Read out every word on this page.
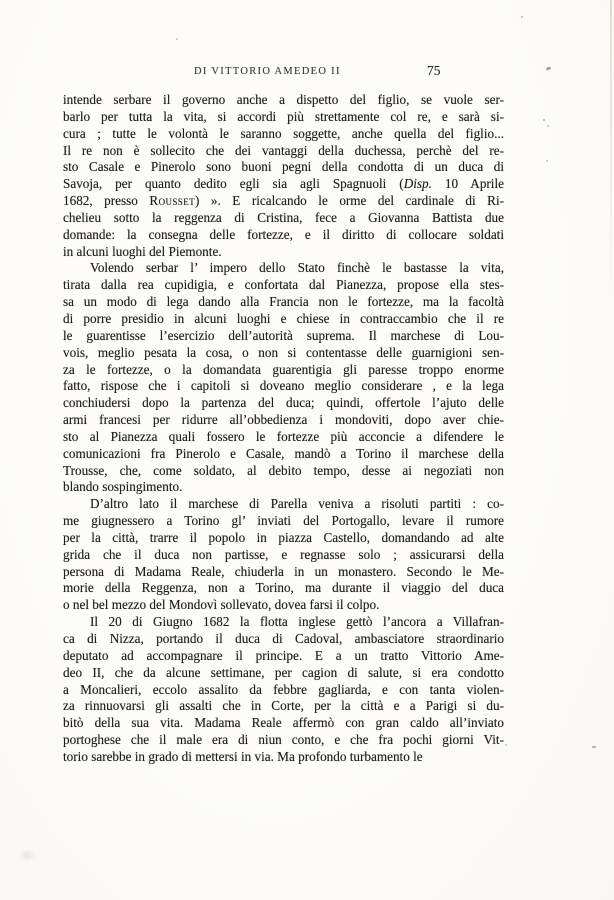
DI VITTORIO AMEDEO II	75
intende serbare il governo anche a dispetto del figlio, se vuole ser-
barlo per tutta la vita, si accordi più strettamente col re, e sarà si-
cura ; tutte le volontà le saranno soggette, anche quella del figlio...
Il re non è sollecito che dei vantaggi della duchessa, perchè del re-
sto Casale e Pinerolo sono buoni pegni della condotta di un duca di
Savoja, per quanto dedito egli sia agli Spagnuoli (Disp. 10 Aprile
1682, presso Rousset) ». E ricalcando le orme del cardinale di Ri-
chelieu sotto la reggenza di Cristina, fece a Giovanna Battista due
domande: la consegna delle fortezze, e il diritto di collocare soldati
in alcuni luoghi del Piemonte.
Volendo serbar l’ impero dello Stato finchè le bastasse la vita,
tirata dalla rea cupidigia, e confortata dal Pianezza, propose ella stes-
sa un modo di lega dando alla Francia non le fortezze, ma la facoltà
di porre presidio in alcuni luoghi e chiese in contraccambio che il re
le guarentisse l’esercizio dell’autorità suprema. Il marchese di Lou-
vois, meglio pesata la cosa, o non si contentasse delle guarnigioni sen-
za le fortezze, o la domandata guarentigia gli paresse troppo enorme
fatto, rispose che i capitoli si doveano meglio considerare , e la lega
conchiudersi dopo la partenza del duca; quindi, offertole l’ajuto delle
armi francesi per ridurre all’obbedienza i mondoviti, dopo aver chie-
sto al Pianezza quali fossero le fortezze più acconcie a difendere le
comunicazioni fra Pinerolo e Casale, mandò a Torino il marchese della
Trousse, che, come soldato, al debito tempo, desse ai negoziati non
blando sospingimento.
D’altro lato il marchese di Parella veniva a risoluti partiti : co-
me giugnessero a Torino gl’ inviati del Portogallo, levare il rumore
per la città, trarre il popolo in piazza Castello, domandando ad alte
grida che il duca non partisse, e regnasse solo ; assicurarsi della
persona di Madama Reale, chiuderla in un monastero. Secondo le Me-
morie della Reggenza, non a Torino, ma durante il viaggio del duca
o nel bel mezzo del Mondovì sollevato, dovea farsi il colpo.
Il 20 di Giugno 1682 la flotta inglese gettò l’ancora a Villafran-
ca di Nizza, portando il duca di Cadoval, ambasciatore straordinario
deputato ad accompagnare il principe. E a un tratto Vittorio Ame-
deo II, che da alcune settimane, per cagion di salute, si era condotto
a Moncalieri, eccolo assalito da febbre gagliarda, e con tanta violen-
za rinnuovarsi gli assalti che in Corte, per la città e a Parigi si du-
bitò della sua vita. Madama Reale affermò con gran caldo all’inviato
portoghese che il male era di niun conto, e che fra pochi giorni Vit-
torio sarebbe in grado di mettersi in via. Ma profondo turbamento le
